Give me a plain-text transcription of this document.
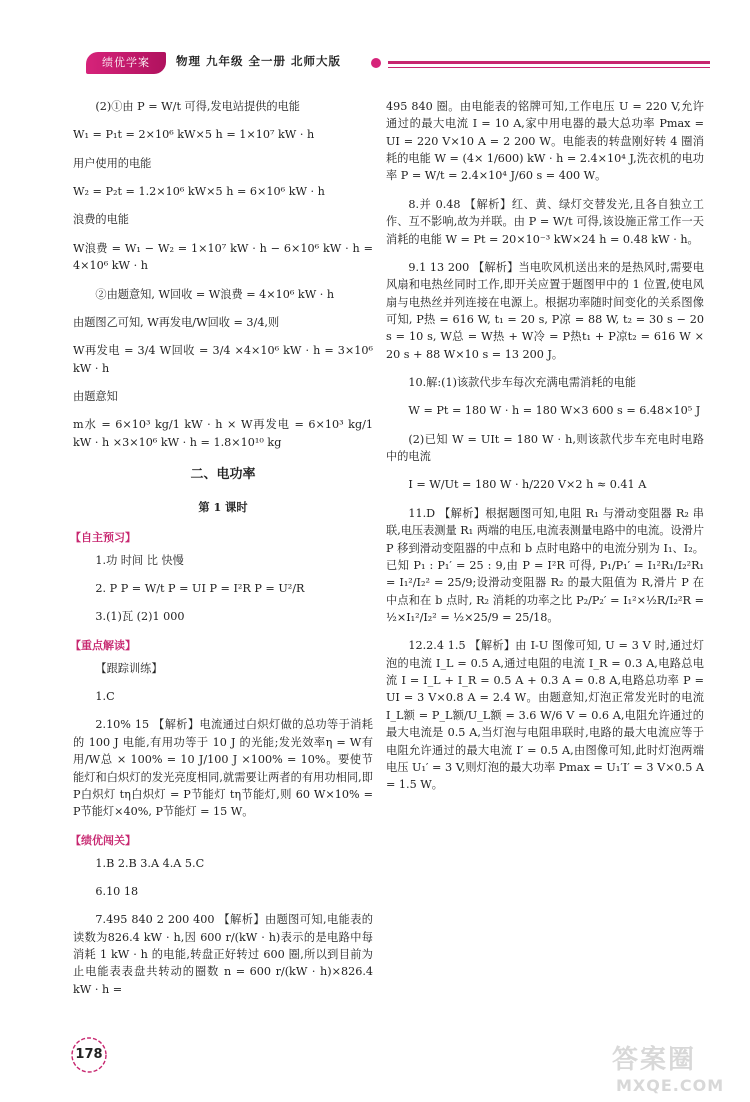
绩优学案	物理 九年级 全一册 北师大版

(2)①由 P = W/t 可得,发电站提供的电能

W₁ = P₁t = 2×10⁶ kW×5 h = 1×10⁷ kW · h

用户使用的电能

W₂ = P₂t = 1.2×10⁶ kW×5 h = 6×10⁶ kW · h

浪费的电能

W浪费 = W₁ − W₂ = 1×10⁷ kW · h − 6×10⁶ kW · h = 4×10⁶ kW · h

②由题意知, W回收 = W浪费 = 4×10⁶ kW · h

由题图乙可知, W再发电/W回收 = 3/4,则

W再发电 = 3/4 W回收 = 3/4 ×4×10⁶ kW · h = 3×10⁶ kW · h

由题意知

m水 = 6×10³ kg/1 kW · h × W再发电 = 6×10³ kg/1 kW · h ×3×10⁶ kW · h = 1.8×10¹⁰ kg

二、电功率
第 1 课时
【自主预习】

1.功 时间 比 快慢

2. P P = W/t P = UI P = I²R P = U²/R

3.(1)瓦 (2)1 000

【重点解读】

【跟踪训练】

1.C

2.10% 15 【解析】电流通过白炽灯做的总功等于消耗的 100 J 电能,有用功等于 10 J 的光能;发光效率η = W有用/W总 × 100% = 10 J/100 J ×100% = 10%。要使节能灯和白炽灯的发光亮度相同,就需要让两者的有用功相同,即 P白炽灯 tη白炽灯 = P节能灯 tη节能灯,则 60 W×10% = P节能灯×40%, P节能灯 = 15 W。

【绩优闯关】

1.B 2.B 3.A 4.A 5.C

6.10 18

7.495 840 2 200 400 【解析】由题图可知,电能表的读数为826.4 kW · h,因 600 r/(kW · h)表示的是电路中每消耗 1 kW · h 的电能,转盘正好转过 600 圈,所以到目前为止电能表表盘共转动的圈数 n = 600 r/(kW · h)×826.4 kW · h =

495 840 圈。由电能表的铭牌可知,工作电压 U = 220 V,允许通过的最大电流 I = 10 A,家中用电器的最大总功率 Pmax = UI = 220 V×10 A = 2 200 W。电能表的转盘刚好转 4 圈消耗的电能 W = (4× 1/600) kW · h = 2.4×10⁴ J,洗衣机的电功率 P = W/t = 2.4×10⁴ J/60 s = 400 W。

8.并 0.48 【解析】红、黄、绿灯交替发光,且各自独立工作、互不影响,故为并联。由 P = W/t 可得,该设施正常工作一天消耗的电能 W = Pt = 20×10⁻³ kW×24 h = 0.48 kW · h。

9.1 13 200 【解析】当电吹风机送出来的是热风时,需要电风扇和电热丝同时工作,即开关应置于题图甲中的 1 位置,使电风扇与电热丝并列连接在电源上。根据功率随时间变化的关系图像可知, P热 = 616 W, t₁ = 20 s, P凉 = 88 W, t₂ = 30 s − 20 s = 10 s, W总 = W热 + W冷 = P热t₁ + P凉t₂ = 616 W × 20 s + 88 W×10 s = 13 200 J。

10.解:(1)该款代步车每次充满电需消耗的电能

W = Pt = 180 W · h = 180 W×3 600 s = 6.48×10⁵ J

(2)已知 W = UIt = 180 W · h,则该款代步车充电时电路中的电流

I = W/Ut = 180 W · h/220 V×2 h ≈ 0.41 A

11.D 【解析】根据题图可知,电阻 R₁ 与滑动变阻器 R₂ 串联,电压表测量 R₁ 两端的电压,电流表测量电路中的电流。设滑片 P 移到滑动变阻器的中点和 b 点时电路中的电流分别为 I₁、I₂。已知 P₁ : P₁′ = 25 : 9,由 P = I²R 可得, P₁/P₁′ = I₁²R₁/I₂²R₁ = I₁²/I₂² = 25/9;设滑动变阻器 R₂ 的最大阻值为 R,滑片 P 在中点和在 b 点时, R₂ 消耗的功率之比 P₂/P₂′ = I₁²×½R/I₂²R = ½×I₁²/I₂² = ½×25/9 = 25/18。

12.2.4 1.5 【解析】由 I-U 图像可知, U = 3 V 时,通过灯泡的电流 I_L = 0.5 A,通过电阻的电流 I_R = 0.3 A,电路总电流 I = I_L + I_R = 0.5 A + 0.3 A = 0.8 A,电路总功率 P = UI = 3 V×0.8 A = 2.4 W。由题意知,灯泡正常发光时的电流 I_L额 = P_L额/U_L额 = 3.6 W/6 V = 0.6 A,电阻允许通过的最大电流是 0.5 A,当灯泡与电阻串联时,电路的最大电流应等于电阻允许通过的最大电流 I′ = 0.5 A,由图像可知,此时灯泡两端电压 U₁′ = 3 V,则灯泡的最大功率 Pmax = U₁′I′ = 3 V×0.5 A = 1.5 W。

178	答案圈
MXQE.COM
